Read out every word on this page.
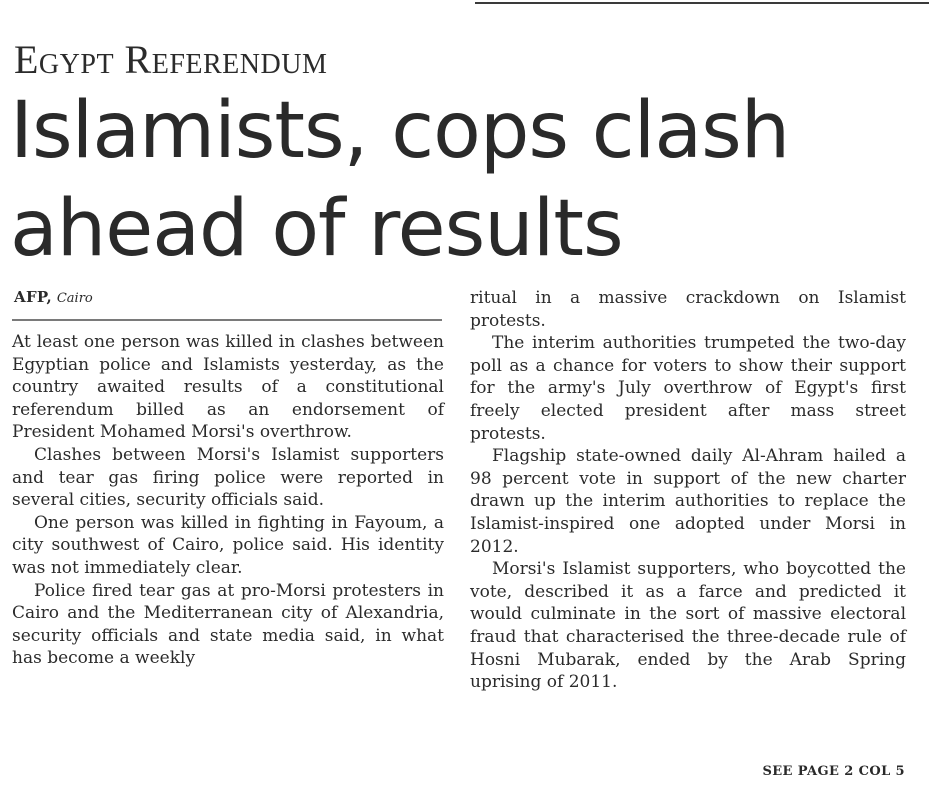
Egypt Referendum
Islamists, cops clash
ahead of results
AFP, Cairo

At least one person was killed in clashes between Egyptian police and Islamists yesterday, as the country awaited results of a constitutional referendum billed as an endorsement of President Mohamed Morsi's overthrow.

Clashes between Morsi's Islamist supporters and tear gas firing police were reported in several cities, security officials said.

One person was killed in fighting in Fayoum, a city southwest of Cairo, police said. His identity was not immediately clear.

Police fired tear gas at pro-Morsi protesters in Cairo and the Mediterranean city of Alexandria, security officials and state media said, in what has become a weekly

ritual in a massive crackdown on Islamist protests.

The interim authorities trumpeted the two-day poll as a chance for voters to show their support for the army's July overthrow of Egypt's first freely elected president after mass street protests.

Flagship state-owned daily Al-Ahram hailed a 98 percent vote in support of the new charter drawn up the interim authorities to replace the Islamist-inspired one adopted under Morsi in 2012.

Morsi's Islamist supporters, who boycotted the vote, described it as a farce and predicted it would culminate in the sort of massive electoral fraud that characterised the three-decade rule of Hosni Mubarak, ended by the Arab Spring uprising of 2011.

SEE PAGE 2 COL 5
